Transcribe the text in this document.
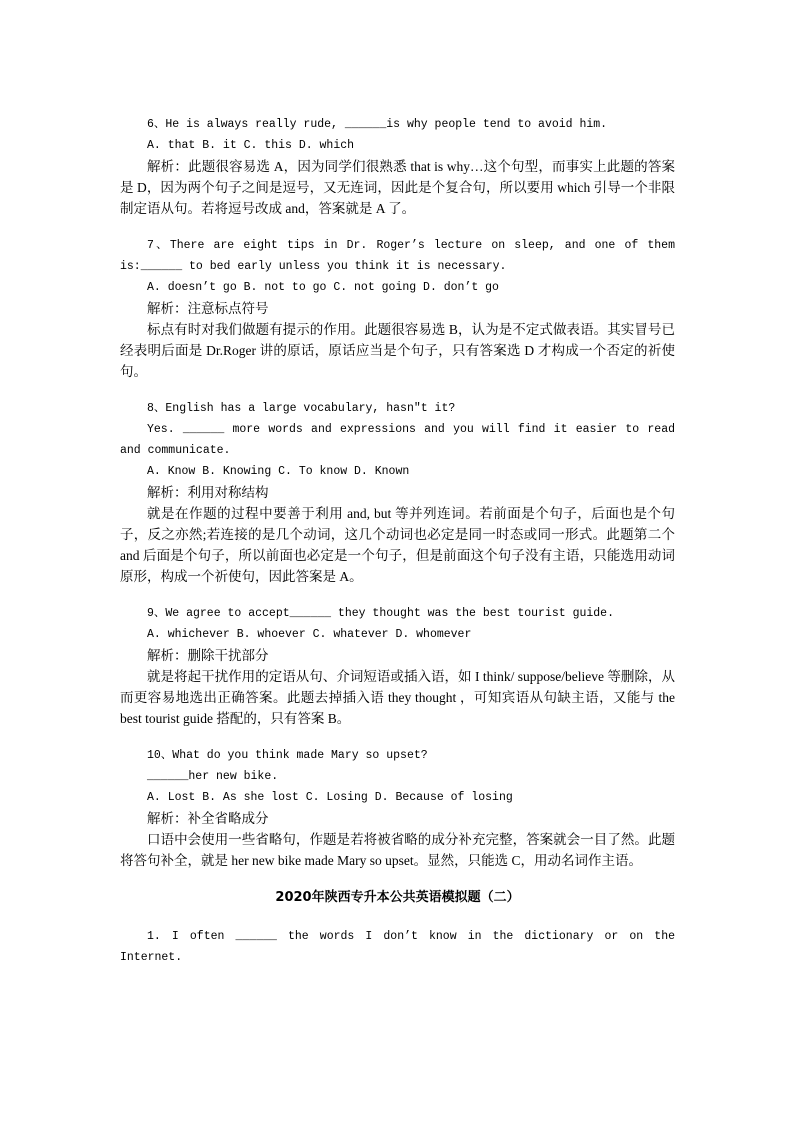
6、He is always really rude, ______is why people tend to avoid him.

A. that B. it C. this D. which

解析：此题很容易选 A，因为同学们很熟悉 that is why…这个句型，而事实上此题的答案是 D，因为两个句子之间是逗号，又无连词，因此是个复合句，所以要用 which 引导一个非限制定语从句。若将逗号改成 and，答案就是 A 了。

7、There are eight tips in Dr. Roger’s lecture on sleep, and one of them is:______ to bed early unless you think it is necessary.

A. doesn’t go B. not to go C. not going D. don’t go

解析：注意标点符号

标点有时对我们做题有提示的作用。此题很容易选 B，认为是不定式做表语。其实冒号已经表明后面是 Dr.Roger 讲的原话，原话应当是个句子，只有答案选 D 才构成一个否定的祈使句。

8、English has a large vocabulary, hasn"t it?

Yes. ______ more words and expressions and you will find it easier to read and communicate.

A. Know B. Knowing C. To know D. Known

解析：利用对称结构

就是在作题的过程中要善于利用 and, but 等并列连词。若前面是个句子，后面也是个句子，反之亦然;若连接的是几个动词，这几个动词也必定是同一时态或同一形式。此题第二个 and 后面是个句子，所以前面也必定是一个句子，但是前面这个句子没有主语，只能选用动词原形，构成一个祈使句，因此答案是 A。

9、We agree to accept______ they thought was the best tourist guide.

A. whichever B. whoever C. whatever D. whomever

解析：删除干扰部分

就是将起干扰作用的定语从句、介词短语或插入语，如 I think/ suppose/believe 等删除，从而更容易地选出正确答案。此题去掉插入语 they thought ，可知宾语从句缺主语，又能与 the best tourist guide 搭配的，只有答案 B。

10、What do you think made Mary so upset?

______her new bike.

A. Lost B. As she lost C. Losing D. Because of losing

解析：补全省略成分

口语中会使用一些省略句，作题是若将被省略的成分补充完整，答案就会一目了然。此题将答句补全，就是 her new bike made Mary so upset。显然，只能选 C，用动名词作主语。

2020年陕西专升本公共英语模拟题（二）

1. I often ______ the words I don’t know in the dictionary or on the Internet.
